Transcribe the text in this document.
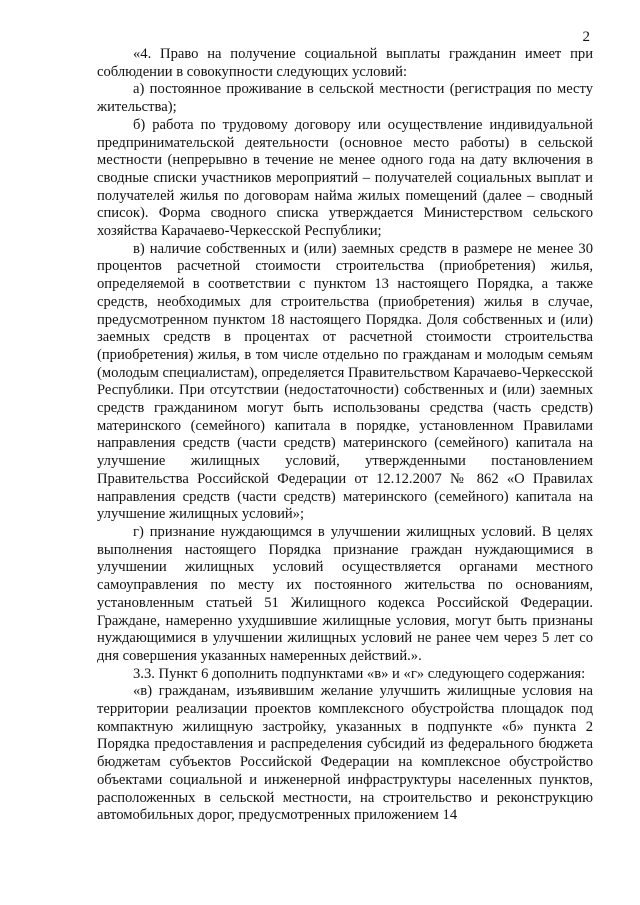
2

«4. Право на получение социальной выплаты гражданин имеет при соблюдении в совокупности следующих условий:

а) постоянное проживание в сельской местности (регистрация по месту жительства);

б) работа по трудовому договору или осуществление индивидуальной предпринимательской деятельности (основное место работы) в сельской местности (непрерывно в течение не менее одного года на дату включения в сводные списки участников мероприятий – получателей социальных выплат и получателей жилья по договорам найма жилых помещений (далее – сводный список). Форма сводного списка утверждается Министерством сельского хозяйства Карачаево-Черкесской Республики;

в) наличие собственных и (или) заемных средств в размере не менее 30 процентов расчетной стоимости строительства (приобретения) жилья, определяемой в соответствии с пунктом 13 настоящего Порядка, а также средств, необходимых для строительства (приобретения) жилья в случае, предусмотренном пунктом 18 настоящего Порядка. Доля собственных и (или) заемных средств в процентах от расчетной стоимости строительства (приобретения) жилья, в том числе отдельно по гражданам и молодым семьям (молодым специалистам), определяется Правительством Карачаево-Черкесской Республики. При отсутствии (недостаточности) собственных и (или) заемных средств гражданином могут быть использованы средства (часть средств) материнского (семейного) капитала в порядке, установленном Правилами направления средств (части средств) материнского (семейного) капитала на улучшение жилищных условий, утвержденными постановлением Правительства Российской Федерации от 12.12.2007 № 862 «О Правилах направления средств (части средств) материнского (семейного) капитала на улучшение жилищных условий»;

г) признание нуждающимся в улучшении жилищных условий. В целях выполнения настоящего Порядка признание граждан нуждающимися в улучшении жилищных условий осуществляется органами местного самоуправления по месту их постоянного жительства по основаниям, установленным статьей 51 Жилищного кодекса Российской Федерации. Граждане, намеренно ухудшившие жилищные условия, могут быть признаны нуждающимися в улучшении жилищных условий не ранее чем через 5 лет со дня совершения указанных намеренных действий.».

3.3. Пункт 6 дополнить подпунктами «в» и «г» следующего содержания:

«в) гражданам, изъявившим желание улучшить жилищные условия на территории реализации проектов комплексного обустройства площадок под компактную жилищную застройку, указанных в подпункте «б» пункта 2 Порядка предоставления и распределения субсидий из федерального бюджета бюджетам субъектов Российской Федерации на комплексное обустройство объектами социальной и инженерной инфраструктуры населенных пунктов, расположенных в сельской местности, на строительство и реконструкцию автомобильных дорог, предусмотренных приложением 14
